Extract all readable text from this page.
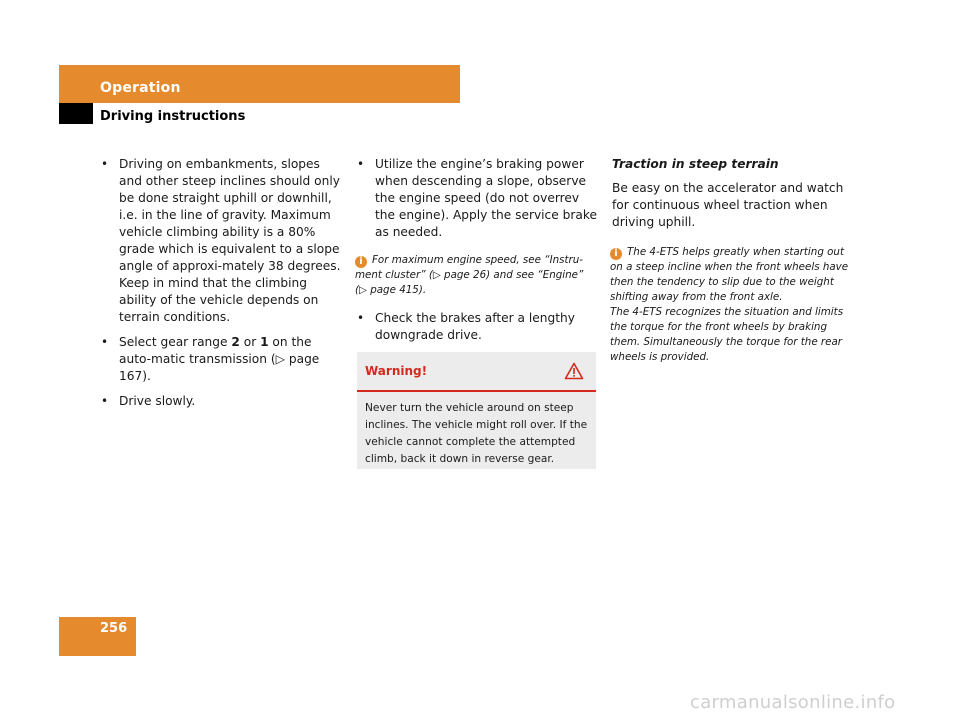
Operation
Driving instructions
• Driving on embankments, slopes and other steep inclines should only be done straight uphill or downhill, i.e. in the line of gravity. Maximum vehicle climbing ability is a 80% grade which is equivalent to a slope angle of approxi-mately 38 degrees. Keep in mind that the climbing ability of the vehicle depends on terrain conditions.
• Select gear range 2 or 1 on the auto-matic transmission (▷ page 167).
• Drive slowly.
• Utilize the engine’s braking power when descending a slope, observe the engine speed (do not overrev the engine). Apply the service brake as needed.
i For maximum engine speed, see “Instru-ment cluster” (▷ page 26) and see “Engine” (▷ page 415).
• Check the brakes after a lengthy downgrade drive.
Warning!
Never turn the vehicle around on steep inclines. The vehicle might roll over. If the vehicle cannot complete the attempted climb, back it down in reverse gear.
Traction in steep terrain
Be easy on the accelerator and watch for continuous wheel traction when driving uphill.
i The 4-ETS helps greatly when starting out on a steep incline when the front wheels have then the tendency to slip due to the weight shifting away from the front axle.
The 4-ETS recognizes the situation and limits the torque for the front wheels by braking them. Simultaneously the torque for the rear wheels is provided.
256
carmanualsonline.info
